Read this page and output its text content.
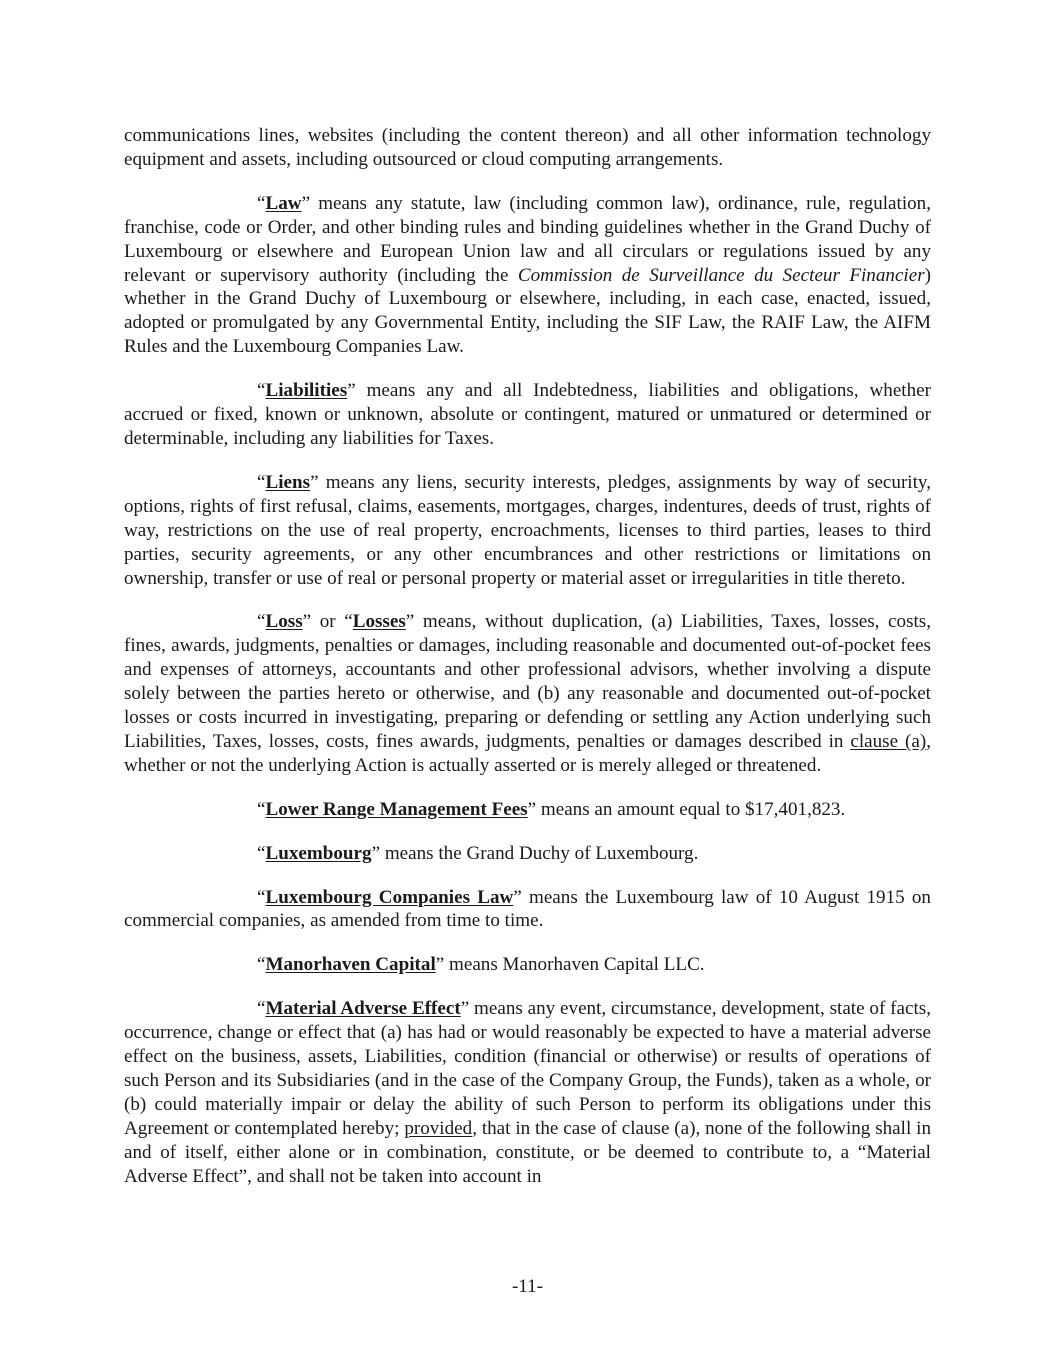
communications lines, websites (including the content thereon) and all other information technology equipment and assets, including outsourced or cloud computing arrangements.

“Law” means any statute, law (including common law), ordinance, rule, regulation, franchise, code or Order, and other binding rules and binding guidelines whether in the Grand Duchy of Luxembourg or elsewhere and European Union law and all circulars or regulations issued by any relevant or supervisory authority (including the Commission de Surveillance du Secteur Financier) whether in the Grand Duchy of Luxembourg or elsewhere, including, in each case, enacted, issued, adopted or promulgated by any Governmental Entity, including the SIF Law, the RAIF Law, the AIFM Rules and the Luxembourg Companies Law.

“Liabilities” means any and all Indebtedness, liabilities and obligations, whether accrued or fixed, known or unknown, absolute or contingent, matured or unmatured or determined or determinable, including any liabilities for Taxes.

“Liens” means any liens, security interests, pledges, assignments by way of security, options, rights of first refusal, claims, easements, mortgages, charges, indentures, deeds of trust, rights of way, restrictions on the use of real property, encroachments, licenses to third parties, leases to third parties, security agreements, or any other encumbrances and other restrictions or limitations on ownership, transfer or use of real or personal property or material asset or irregularities in title thereto.

“Loss” or “Losses” means, without duplication, (a) Liabilities, Taxes, losses, costs, fines, awards, judgments, penalties or damages, including reasonable and documented out-of-pocket fees and expenses of attorneys, accountants and other professional advisors, whether involving a dispute solely between the parties hereto or otherwise, and (b) any reasonable and documented out-of-pocket losses or costs incurred in investigating, preparing or defending or settling any Action underlying such Liabilities, Taxes, losses, costs, fines awards, judgments, penalties or damages described in clause (a), whether or not the underlying Action is actually asserted or is merely alleged or threatened.

“Lower Range Management Fees” means an amount equal to $17,401,823.

“Luxembourg” means the Grand Duchy of Luxembourg.

“Luxembourg Companies Law” means the Luxembourg law of 10 August 1915 on commercial companies, as amended from time to time.

“Manorhaven Capital” means Manorhaven Capital LLC.

“Material Adverse Effect” means any event, circumstance, development, state of facts, occurrence, change or effect that (a) has had or would reasonably be expected to have a material adverse effect on the business, assets, Liabilities, condition (financial or otherwise) or results of operations of such Person and its Subsidiaries (and in the case of the Company Group, the Funds), taken as a whole, or (b) could materially impair or delay the ability of such Person to perform its obligations under this Agreement or contemplated hereby; provided, that in the case of clause (a), none of the following shall in and of itself, either alone or in combination, constitute, or be deemed to contribute to, a “Material Adverse Effect”, and shall not be taken into account in

-11-
